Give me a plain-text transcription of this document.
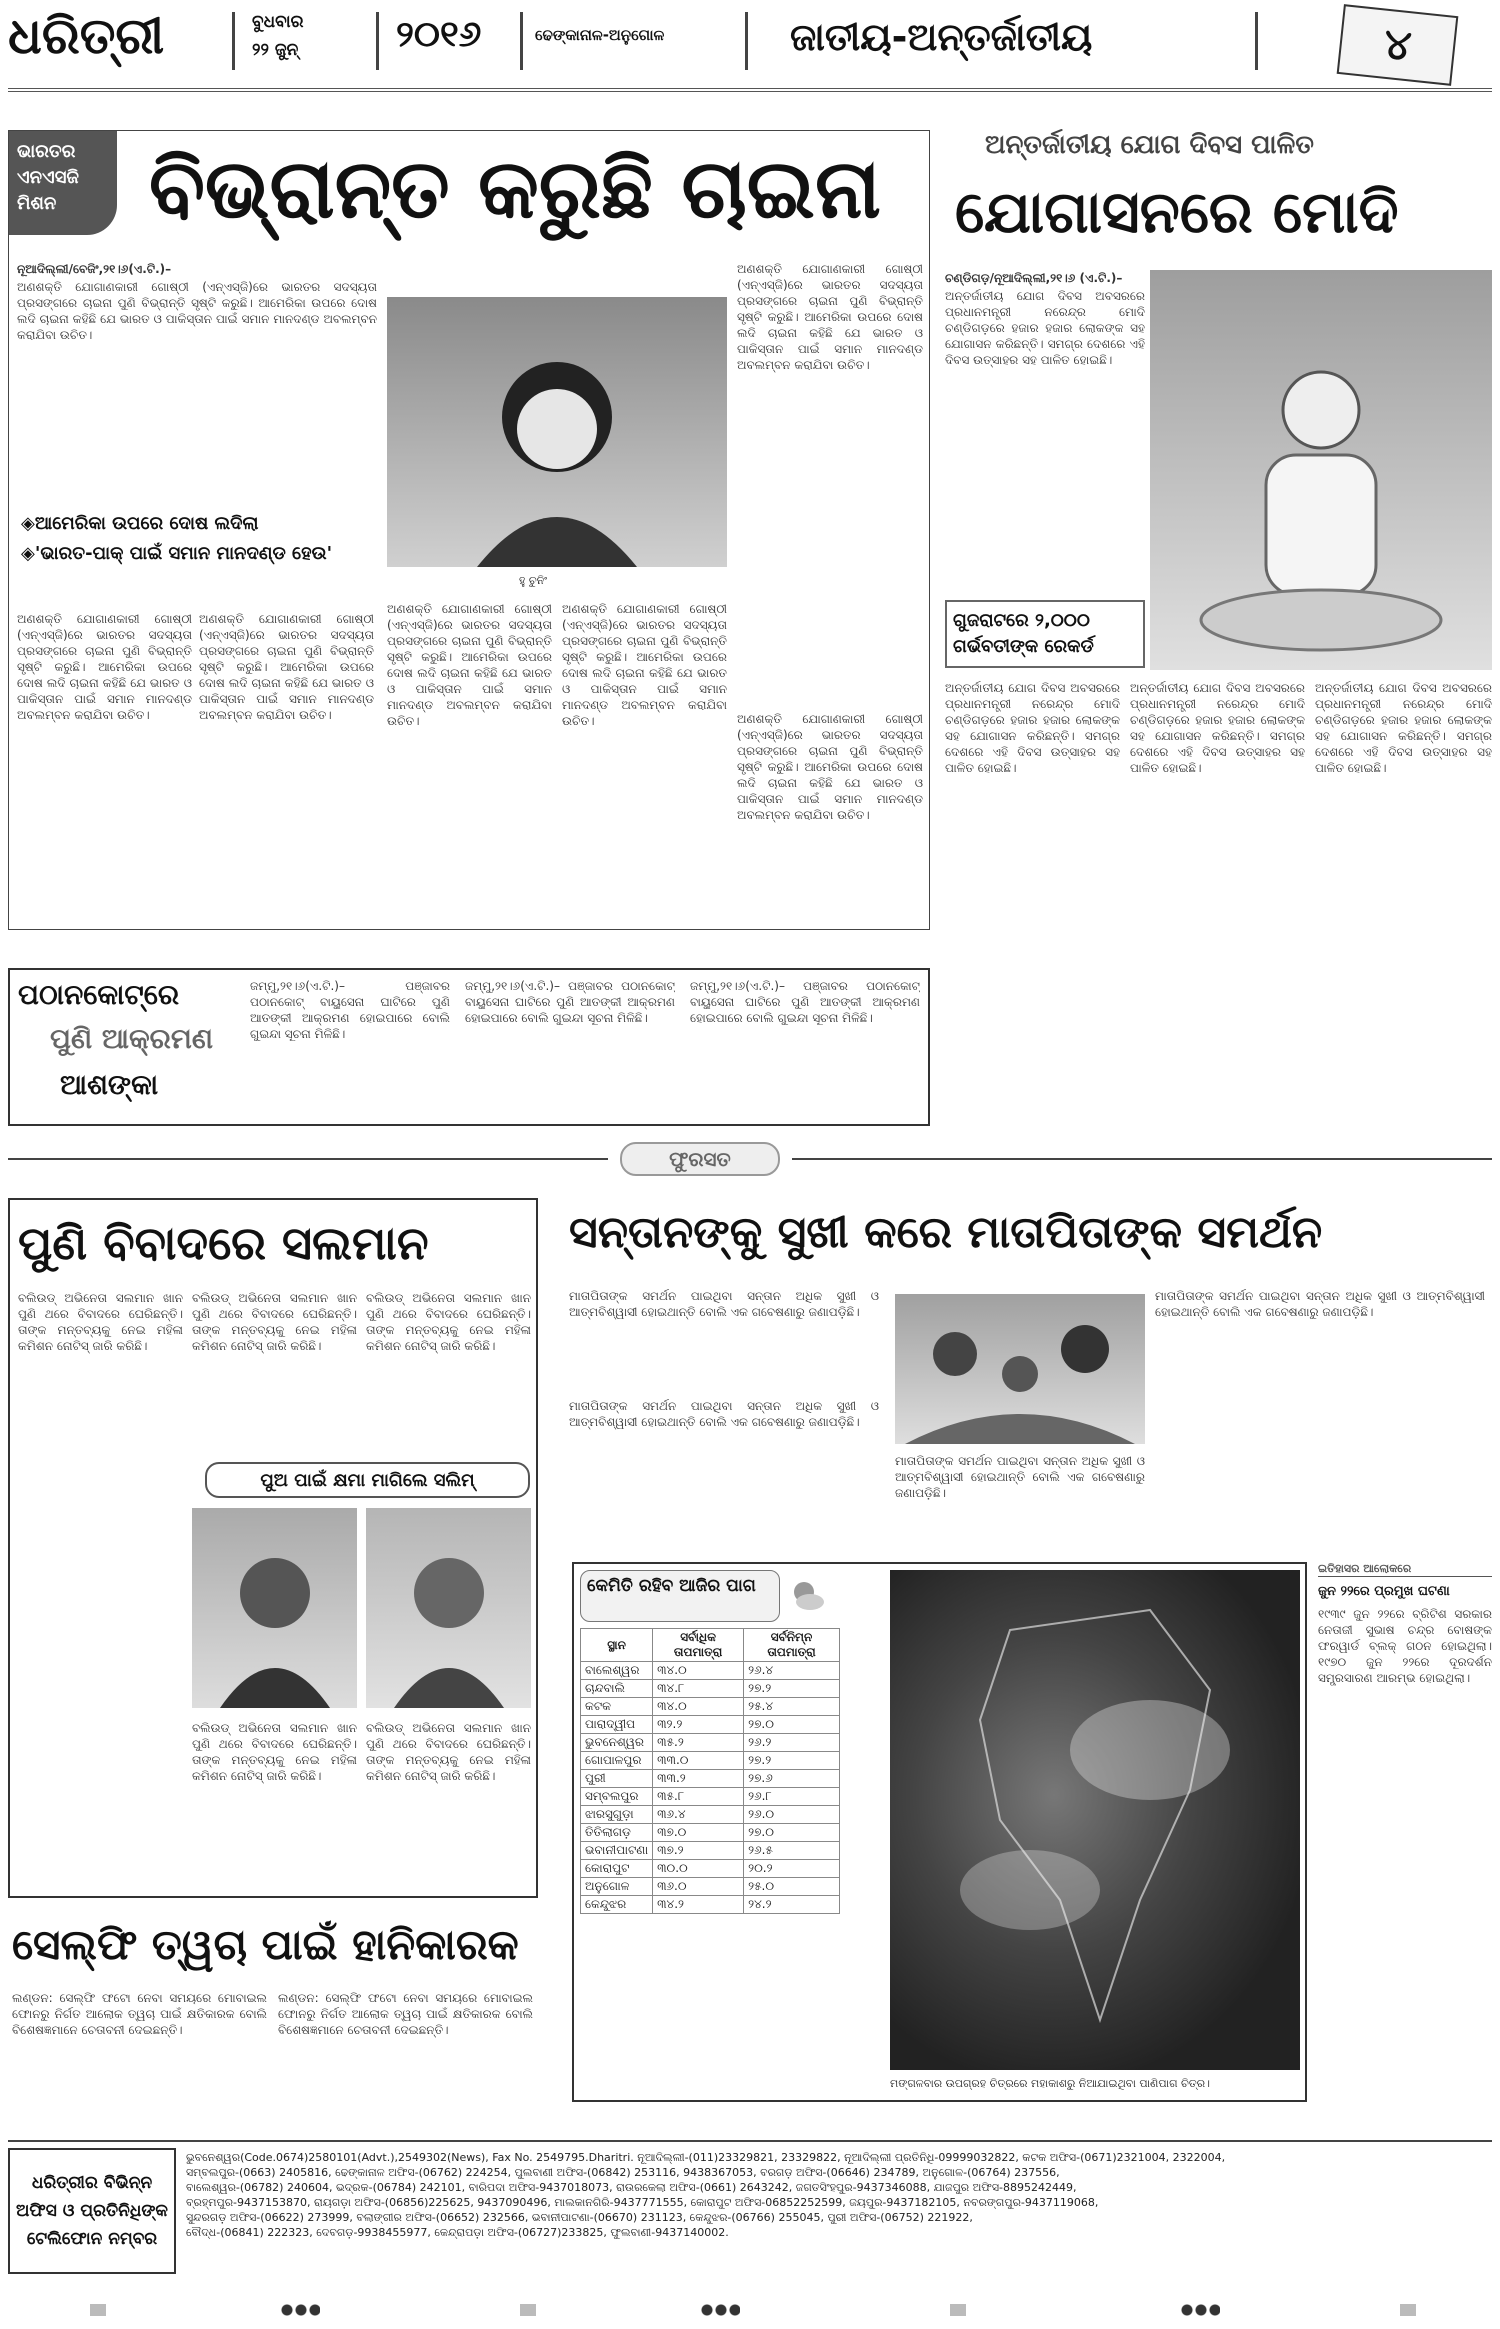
ଧରିତ୍ରୀ	ବୁଧବାର
୨୨ ଜୁନ୍	୨୦୧୬	ଢେଙ୍କାନାଳ-ଅନୁଗୋଳ	ଜାତୀୟ-ଅନ୍ତର୍ଜାତୀୟ	୪
ଭାରତର ଏନଏସଜି ମିଶନ	ବିଭ୍ରାନ୍ତ କରୁଛି ଚାଇନା
ନୂଆଦିଲ୍ଲୀ/ବେଜିଂ,୨୧।୬(ଏ.ଟି.)–
ଅଣଶକ୍ତି ଯୋଗାଣକାରୀ ଗୋଷ୍ଠୀ (ଏନ୍‌ଏସ୍‌ଜି)ରେ ଭାରତର ସଦସ୍ୟତା ପ୍ରସଙ୍ଗରେ ଚାଇନା ପୁଣି ବିଭ୍ରାନ୍ତି ସୃଷ୍ଟି କରୁଛି। ଆମେରିକା ଉପରେ ଦୋଷ ଲଦି ଚାଇନା କହିଛି ଯେ ଭାରତ ଓ ପାକିସ୍ତାନ ପାଇଁ ସମାନ ମାନଦଣ୍ଡ ଅବଲମ୍ବନ କରାଯିବା ଉଚିତ।
◈ଆମେରିକା ଉପରେ ଦୋଷ ଲଦିଲା
◈'ଭାରତ-ପାକ୍ ପାଇଁ ସମାନ ମାନଦଣ୍ଡ ହେଉ'
ହୁ ଚୁନିଂ
ଅଣଶକ୍ତି ଯୋଗାଣକାରୀ ଗୋଷ୍ଠୀ (ଏନ୍‌ଏସ୍‌ଜି)ରେ ଭାରତର ସଦସ୍ୟତା ପ୍ରସଙ୍ଗରେ ଚାଇନା ପୁଣି ବିଭ୍ରାନ୍ତି ସୃଷ୍ଟି କରୁଛି। ଆମେରିକା ଉପରେ ଦୋଷ ଲଦି ଚାଇନା କହିଛି ଯେ ଭାରତ ଓ ପାକିସ୍ତାନ ପାଇଁ ସମାନ ମାନଦଣ୍ଡ ଅବଲମ୍ବନ କରାଯିବା ଉଚିତ।
ଅଣଶକ୍ତି ଯୋଗାଣକାରୀ ଗୋଷ୍ଠୀ (ଏନ୍‌ଏସ୍‌ଜି)ରେ ଭାରତର ସଦସ୍ୟତା ପ୍ରସଙ୍ଗରେ ଚାଇନା ପୁଣି ବିଭ୍ରାନ୍ତି ସୃଷ୍ଟି କରୁଛି। ଆମେରିକା ଉପରେ ଦୋଷ ଲଦି ଚାଇନା କହିଛି ଯେ ଭାରତ ଓ ପାକିସ୍ତାନ ପାଇଁ ସମାନ ମାନଦଣ୍ଡ ଅବଲମ୍ବନ କରାଯିବା ଉଚିତ।
ଅଣଶକ୍ତି ଯୋଗାଣକାରୀ ଗୋଷ୍ଠୀ (ଏନ୍‌ଏସ୍‌ଜି)ରେ ଭାରତର ସଦସ୍ୟତା ପ୍ରସଙ୍ଗରେ ଚାଇନା ପୁଣି ବିଭ୍ରାନ୍ତି ସୃଷ୍ଟି କରୁଛି। ଆମେରିକା ଉପରେ ଦୋଷ ଲଦି ଚାଇନା କହିଛି ଯେ ଭାରତ ଓ ପାକିସ୍ତାନ ପାଇଁ ସମାନ ମାନଦଣ୍ଡ ଅବଲମ୍ବନ କରାଯିବା ଉଚିତ।
ଅଣଶକ୍ତି ଯୋଗାଣକାରୀ ଗୋଷ୍ଠୀ (ଏନ୍‌ଏସ୍‌ଜି)ରେ ଭାରତର ସଦସ୍ୟତା ପ୍ରସଙ୍ଗରେ ଚାଇନା ପୁଣି ବିଭ୍ରାନ୍ତି ସୃଷ୍ଟି କରୁଛି। ଆମେରିକା ଉପରେ ଦୋଷ ଲଦି ଚାଇନା କହିଛି ଯେ ଭାରତ ଓ ପାକିସ୍ତାନ ପାଇଁ ସମାନ ମାନଦଣ୍ଡ ଅବଲମ୍ବନ କରାଯିବା ଉଚିତ।
ଅଣଶକ୍ତି ଯୋଗାଣକାରୀ ଗୋଷ୍ଠୀ (ଏନ୍‌ଏସ୍‌ଜି)ରେ ଭାରତର ସଦସ୍ୟତା ପ୍ରସଙ୍ଗରେ ଚାଇନା ପୁଣି ବିଭ୍ରାନ୍ତି ସୃଷ୍ଟି କରୁଛି। ଆମେରିକା ଉପରେ ଦୋଷ ଲଦି ଚାଇନା କହିଛି ଯେ ଭାରତ ଓ ପାକିସ୍ତାନ ପାଇଁ ସମାନ ମାନଦଣ୍ଡ ଅବଲମ୍ବନ କରାଯିବା ଉଚିତ।	ଅଣଶକ୍ତି ଯୋଗାଣକାରୀ ଗୋଷ୍ଠୀ (ଏନ୍‌ଏସ୍‌ଜି)ରେ ଭାରତର ସଦସ୍ୟତା ପ୍ରସଙ୍ଗରେ ଚାଇନା ପୁଣି ବିଭ୍ରାନ୍ତି ସୃଷ୍ଟି କରୁଛି। ଆମେରିକା ଉପରେ ଦୋଷ ଲଦି ଚାଇନା କହିଛି ଯେ ଭାରତ ଓ ପାକିସ୍ତାନ ପାଇଁ ସମାନ ମାନଦଣ୍ଡ ଅବଲମ୍ବନ କରାଯିବା ଉଚିତ।
ଅନ୍ତର୍ଜାତୀୟ ଯୋଗ ଦିବସ ପାଳିତ
ଯୋଗାସନରେ ମୋଦି
ଚଣ୍ଡିଗଡ଼/ନୂଆଦିଲ୍ଲୀ,୨୧।୬ (ଏ.ଟି.)–
ଅନ୍ତର୍ଜାତୀୟ ଯୋଗ ଦିବସ ଅବସରରେ ପ୍ରଧାନମନ୍ତ୍ରୀ ନରେନ୍ଦ୍ର ମୋଦି ଚଣ୍ଡିଗଡ଼ରେ ହଜାର ହଜାର ଲୋକଙ୍କ ସହ ଯୋଗାସନ କରିଛନ୍ତି। ସମଗ୍ର ଦେଶରେ ଏହି ଦିବସ ଉତ୍ସାହର ସହ ପାଳିତ ହୋଇଛି।
ଗୁଜରାଟରେ ୨,୦୦୦ ଗର୍ଭବତୀଙ୍କ ରେକର୍ଡ
ଅନ୍ତର୍ଜାତୀୟ ଯୋଗ ଦିବସ ଅବସରରେ ପ୍ରଧାନମନ୍ତ୍ରୀ ନରେନ୍ଦ୍ର ମୋଦି ଚଣ୍ଡିଗଡ଼ରେ ହଜାର ହଜାର ଲୋକଙ୍କ ସହ ଯୋଗାସନ କରିଛନ୍ତି। ସମଗ୍ର ଦେଶରେ ଏହି ଦିବସ ଉତ୍ସାହର ସହ ପାଳିତ ହୋଇଛି।
ଅନ୍ତର୍ଜାତୀୟ ଯୋଗ ଦିବସ ଅବସରରେ ପ୍ରଧାନମନ୍ତ୍ରୀ ନରେନ୍ଦ୍ର ମୋଦି ଚଣ୍ଡିଗଡ଼ରେ ହଜାର ହଜାର ଲୋକଙ୍କ ସହ ଯୋଗାସନ କରିଛନ୍ତି। ସମଗ୍ର ଦେଶରେ ଏହି ଦିବସ ଉତ୍ସାହର ସହ ପାଳିତ ହୋଇଛି।
ଅନ୍ତର୍ଜାତୀୟ ଯୋଗ ଦିବସ ଅବସରରେ ପ୍ରଧାନମନ୍ତ୍ରୀ ନରେନ୍ଦ୍ର ମୋଦି ଚଣ୍ଡିଗଡ଼ରେ ହଜାର ହଜାର ଲୋକଙ୍କ ସହ ଯୋଗାସନ କରିଛନ୍ତି। ସମଗ୍ର ଦେଶରେ ଏହି ଦିବସ ଉତ୍ସାହର ସହ ପାଳିତ ହୋଇଛି।
ପଠାନକୋଟ୍‌ରେ
ପୁଣି ଆକ୍ରମଣ
ଆଶଙ୍କା
ଜମ୍ମୁ,୨୧।୬(ଏ.ଟି.)– ପଞ୍ଜାବର ପଠାନକୋଟ୍ ବାୟୁସେନା ଘାଟିରେ ପୁଣି ଆତଙ୍କୀ ଆକ୍ରମଣ ହୋଇପାରେ ବୋଲି ଗୁଇନ୍ଦା ସୂଚନା ମିଳିଛି।
ଜମ୍ମୁ,୨୧।୬(ଏ.ଟି.)– ପଞ୍ଜାବର ପଠାନକୋଟ୍ ବାୟୁସେନା ଘାଟିରେ ପୁଣି ଆତଙ୍କୀ ଆକ୍ରମଣ ହୋଇପାରେ ବୋଲି ଗୁଇନ୍ଦା ସୂଚନା ମିଳିଛି।
ଜମ୍ମୁ,୨୧।୬(ଏ.ଟି.)– ପଞ୍ଜାବର ପଠାନକୋଟ୍ ବାୟୁସେନା ଘାଟିରେ ପୁଣି ଆତଙ୍କୀ ଆକ୍ରମଣ ହୋଇପାରେ ବୋଲି ଗୁଇନ୍ଦା ସୂଚନା ମିଳିଛି।
ଫୁରସତ
ପୁଣି ବିବାଦରେ ସଲମାନ
ବଲିଉଡ୍ ଅଭିନେତା ସଲମାନ ଖାନ ପୁଣି ଥରେ ବିବାଦରେ ଘେରିଛନ୍ତି। ତାଙ୍କ ମନ୍ତବ୍ୟକୁ ନେଇ ମହିଳା କମିଶନ ନୋଟିସ୍ ଜାରି କରିଛି।
ବଲିଉଡ୍ ଅଭିନେତା ସଲମାନ ଖାନ ପୁଣି ଥରେ ବିବାଦରେ ଘେରିଛନ୍ତି। ତାଙ୍କ ମନ୍ତବ୍ୟକୁ ନେଇ ମହିଳା କମିଶନ ନୋଟିସ୍ ଜାରି କରିଛି।
ବଲିଉଡ୍ ଅଭିନେତା ସଲମାନ ଖାନ ପୁଣି ଥରେ ବିବାଦରେ ଘେରିଛନ୍ତି। ତାଙ୍କ ମନ୍ତବ୍ୟକୁ ନେଇ ମହିଳା କମିଶନ ନୋଟିସ୍ ଜାରି କରିଛି।
ପୁଅ ପାଇଁ କ୍ଷମା ମାଗିଲେ ସଲିମ୍
ବଲିଉଡ୍ ଅଭିନେତା ସଲମାନ ଖାନ ପୁଣି ଥରେ ବିବାଦରେ ଘେରିଛନ୍ତି। ତାଙ୍କ ମନ୍ତବ୍ୟକୁ ନେଇ ମହିଳା କମିଶନ ନୋଟିସ୍ ଜାରି କରିଛି।
ବଲିଉଡ୍ ଅଭିନେତା ସଲମାନ ଖାନ ପୁଣି ଥରେ ବିବାଦରେ ଘେରିଛନ୍ତି। ତାଙ୍କ ମନ୍ତବ୍ୟକୁ ନେଇ ମହିଳା କମିଶନ ନୋଟିସ୍ ଜାରି କରିଛି।
ସେଲ୍‌ଫି ତ୍ୱଚା ପାଇଁ ହାନିକାରକ
ଲଣ୍ଡନ: ସେଲ୍‌ଫି ଫଟୋ ନେବା ସମୟରେ ମୋବାଇଲ ଫୋନରୁ ନିର୍ଗତ ଆଲୋକ ତ୍ୱଚା ପାଇଁ କ୍ଷତିକାରକ ବୋଲି ବିଶେଷଜ୍ଞମାନେ ଚେତାବନୀ ଦେଇଛନ୍ତି।
ଲଣ୍ଡନ: ସେଲ୍‌ଫି ଫଟୋ ନେବା ସମୟରେ ମୋବାଇଲ ଫୋନରୁ ନିର୍ଗତ ଆଲୋକ ତ୍ୱଚା ପାଇଁ କ୍ଷତିକାରକ ବୋଲି ବିଶେଷଜ୍ଞମାନେ ଚେତାବନୀ ଦେଇଛନ୍ତି।
ସନ୍ତାନଙ୍କୁ ସୁଖୀ କରେ ମାତାପିତାଙ୍କ ସମର୍ଥନ
ମାତାପିତାଙ୍କ ସମର୍ଥନ ପାଇଥିବା ସନ୍ତାନ ଅଧିକ ସୁଖୀ ଓ ଆତ୍ମବିଶ୍ୱାସୀ ହୋଇଥାନ୍ତି ବୋଲି ଏକ ଗବେଷଣାରୁ ଜଣାପଡ଼ିଛି।
ମାତାପିତାଙ୍କ ସମର୍ଥନ ପାଇଥିବା ସନ୍ତାନ ଅଧିକ ସୁଖୀ ଓ ଆତ୍ମବିଶ୍ୱାସୀ ହୋଇଥାନ୍ତି ବୋଲି ଏକ ଗବେଷଣାରୁ ଜଣାପଡ଼ିଛି।
ମାତାପିତାଙ୍କ ସମର୍ଥନ ପାଇଥିବା ସନ୍ତାନ ଅଧିକ ସୁଖୀ ଓ ଆତ୍ମବିଶ୍ୱାସୀ ହୋଇଥାନ୍ତି ବୋଲି ଏକ ଗବେଷଣାରୁ ଜଣାପଡ଼ିଛି।
ମାତାପିତାଙ୍କ ସମର୍ଥନ ପାଇଥିବା ସନ୍ତାନ ଅଧିକ ସୁଖୀ ଓ ଆତ୍ମବିଶ୍ୱାସୀ ହୋଇଥାନ୍ତି ବୋଲି ଏକ ଗବେଷଣାରୁ ଜଣାପଡ଼ିଛି।
କେମିତି ରହିବ ଆଜିର ପାଗ
ସ୍ଥାନ	ସର୍ବାଧିକ ତାପମାତ୍ରା	ସର୍ବନିମ୍ନ ତାପମାତ୍ରା
ବାଲେଶ୍ୱର	୩୪.୦	୨୬.୪
ଚାନ୍ଦବାଲି	୩୪.୮	୨୭.୨
କଟକ	୩୪.୦	୨୫.୪
ପାରାଦ୍ୱୀପ	୩୨.୨	୨୭.୦
ଭୁବନେଶ୍ୱର	୩୫.୨	୨୬.୨
ଗୋପାଳପୁର	୩୩.୦	୨୭.୨
ପୁରୀ	୩୩.୨	୨୭.୬
ସମ୍ବଲପୁର	୩୫.୮	୨୬.୮
ଝାରସୁଗୁଡ଼ା	୩୬.୪	୨୬.୦
ତିତିଲାଗଡ଼	୩୭.୦	୨୭.୦
ଭବାନୀପାଟଣା	୩୭.୨	୨୬.୫
କୋରାପୁଟ	୩୦.୦	୨୦.୨
ଅନୁଗୋଳ	୩୬.୦	୨୫.୦
କେନ୍ଦୁଝର	୩୪.୨	୨୪.୨
ମଙ୍ଗଳବାର ଉପଗ୍ରହ ଚିତ୍ରରେ ମହାକାଶରୁ ନିଆଯାଇଥିବା ପାଣିପାଗ ଚିତ୍ର।
ଇତିହାସର ଆଲୋକରେ
ଜୁନ ୨୨ରେ ପ୍ରମୁଖ ଘଟଣା
୧୯୩୯ ଜୁନ ୨୨ରେ ବ୍ରିଟିଶ ସରକାର ନେତାଜୀ ସୁଭାଷ ଚନ୍ଦ୍ର ବୋଷଙ୍କ ଫରୱାର୍ଡ ବ୍ଲକ୍ ଗଠନ ହୋଇଥିଲା। ୧୯୭୦ ଜୁନ ୨୨ରେ ଦୂରଦର୍ଶନ ସମ୍ପ୍ରସାରଣ ଆରମ୍ଭ ହୋଇଥିଲା।
ଧରିତ୍ରୀର ବିଭିନ୍ନ ଅଫିସ ଓ ପ୍ରତିନିଧିଙ୍କ ଟେଲିଫୋନ ନମ୍ବର
ଭୁବନେଶ୍ୱର(Code.0674)2580101(Advt.),2549302(News), Fax No. 2549795.Dharitri. ନୂଆଦିଲ୍ଲୀ-(011)23329821, 23329822, ନୂଆଦିଲ୍ଲୀ ପ୍ରତିନିଧି-09999032822, କଟକ ଅଫିସ-(0671)2321004, 2322004,
ସମ୍ବଲପୁର-(0663) 2405816, ଢେଙ୍କାନାଳ ଅଫିସ-(06762) 224254, ପୁଲବାଣୀ ଅଫିସ-(06842) 253116, 9438367053, ବରଗଡ଼ ଅଫିସ-(06646) 234789, ଅନୁଗୋଳ-(06764) 237556,
ବାଲେଶ୍ୱର-(06782) 240604, ଭଦ୍ରକ-(06784) 242101, ବାରିପଦା ଅଫିସ-9437018073, ରାଉରକେଲା ଅଫିସ-(0661) 2643242, ଜଗତସିଂହପୁର-9437346088, ଯାଜପୁର ଅଫିସ-8895242449,
ବ୍ରହ୍ମପୁର-9437153870, ରାୟଗଡ଼ା ଅଫିସ-(06856)225625, 9437090496, ମାଲକାନଗିରି-9437771555, କୋରାପୁଟ ଅଫିସ-06852252599, ଜୟପୁର-9437182105, ନବରଙ୍ଗପୁର-9437119068,
ସୁନ୍ଦରଗଡ଼ ଅଫିସ-(06622) 273999, ବଲାଙ୍ଗୀର ଅଫିସ-(06652) 232566, ଭବାନୀପାଟଣା-(06670) 231123, କେନ୍ଦୁଝର-(06766) 255045, ପୁରୀ ଅଫିସ-(06752) 221922,
ବୌଦ୍ଧ-(06841) 222323, ଦେବଗଡ଼-9938455977, କେନ୍ଦ୍ରାପଡ଼ା ଅଫିସ-(06727)233825, ଫୁଲବାଣୀ-9437140002.
